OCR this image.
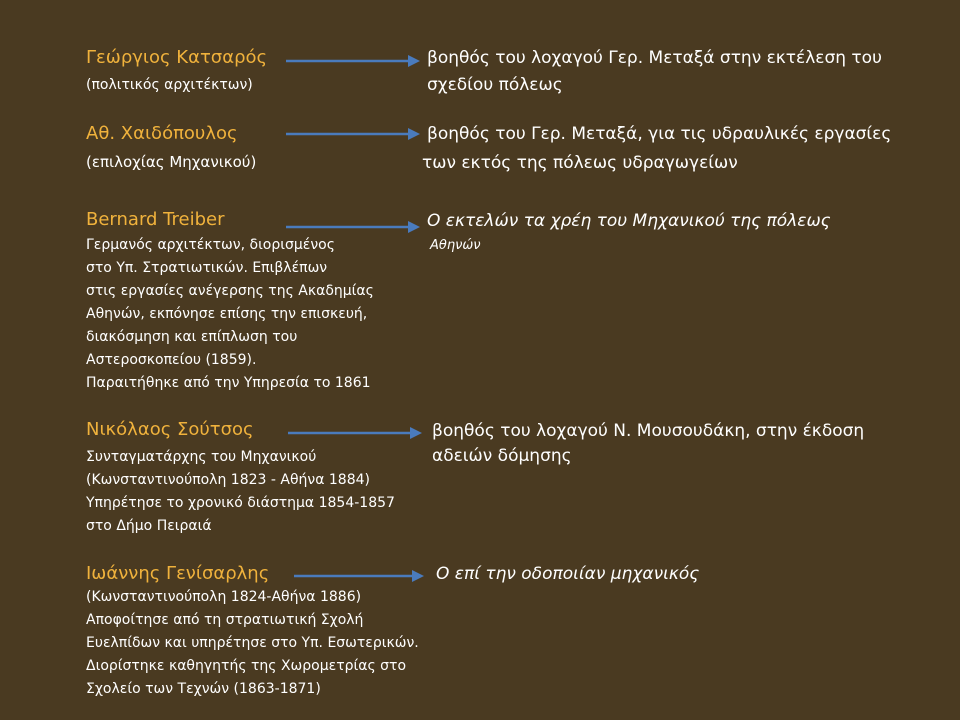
Γεώργιος Κατσαρός
(πολιτικός αρχιτέκτων)
βοηθός του λοχαγού Γερ. Μεταξά στην εκτέλεση του
σχεδίου πόλεως
Αθ. Χαιδόπουλος
(επιλοχίας Μηχανικού)
βοηθός του Γερ. Μεταξά, για τις υδραυλικές εργασίες
των εκτός της πόλεως υδραγωγείων
Bernard Treiber
Γερμανός αρχιτέκτων, διορισμένος
στο Υπ. Στρατιωτικών. Επιβλέπων
στις εργασίες ανέγερσης της Ακαδημίας
Αθηνών, εκπόνησε επίσης την επισκευή,
διακόσμηση και επίπλωση του
Αστεροσκοπείου (1859).
Παραιτήθηκε από την Υπηρεσία το 1861
Ο εκτελών τα χρέη του Μηχανικού της πόλεως
Αθηνών
Νικόλαος Σούτσος
Συνταγματάρχης του Μηχανικού
(Κωνσταντινούπολη 1823 - Αθήνα 1884)
Υπηρέτησε το χρονικό διάστημα 1854-1857
στο Δήμο Πειραιά
βοηθός του λοχαγού Ν. Μουσουδάκη, στην έκδοση
αδειών δόμησης
Ιωάννης Γενίσαρλης
(Κωνσταντινούπολη 1824-Αθήνα 1886)
Αποφοίτησε από τη στρατιωτική Σχολή
Ευελπίδων και υπηρέτησε στο Υπ. Εσωτερικών.
Διορίστηκε καθηγητής της Χωρομετρίας στο
Σχολείο των Τεχνών (1863-1871)
Ο επί την οδοποιίαν μηχανικός
